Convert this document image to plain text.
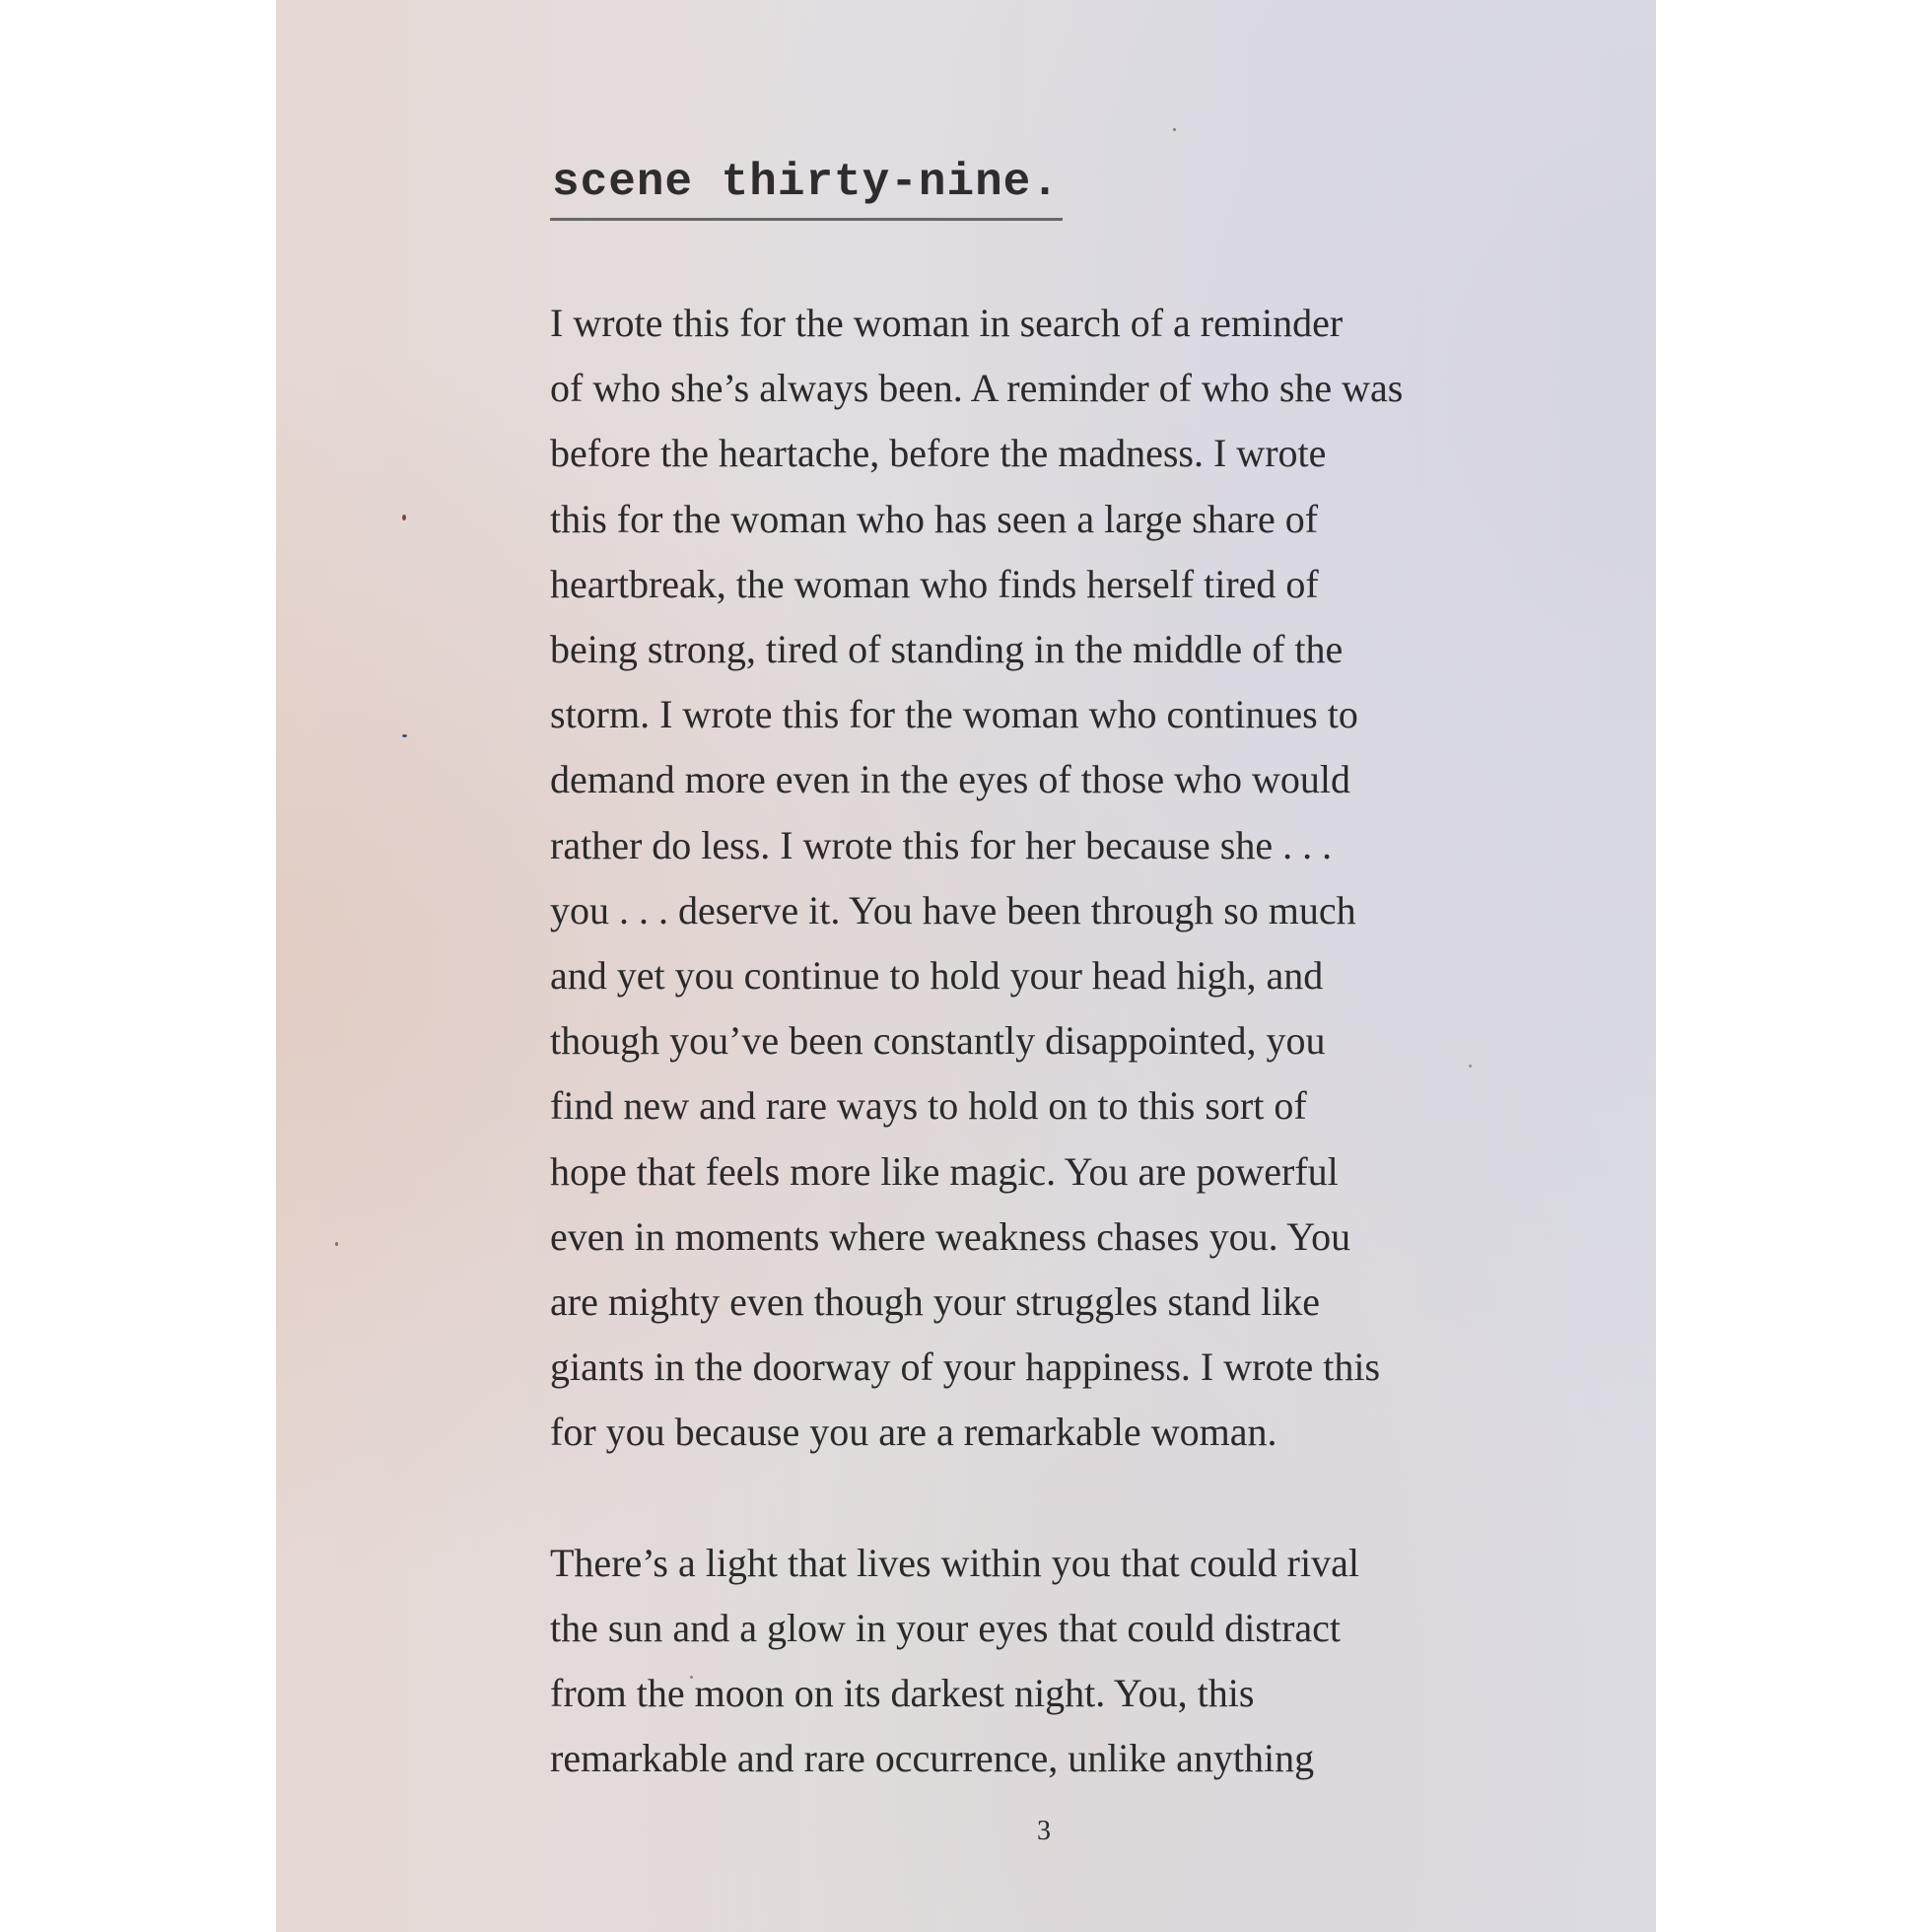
scene thirty-nine.
I wrote this for the woman in search of a reminder
of who she’s always been. A reminder of who she was
before the heartache, before the madness. I wrote
this for the woman who has seen a large share of
heartbreak, the woman who finds herself tired of
being strong, tired of standing in the middle of the
storm. I wrote this for the woman who continues to
demand more even in the eyes of those who would
rather do less. I wrote this for her because she . . .
you . . . deserve it. You have been through so much
and yet you continue to hold your head high, and
though you’ve been constantly disappointed, you
find new and rare ways to hold on to this sort of
hope that feels more like magic. You are powerful
even in moments where weakness chases you. You
are mighty even though your struggles stand like
giants in the doorway of your happiness. I wrote this
for you because you are a remarkable woman.
There’s a light that lives within you that could rival
the sun and a glow in your eyes that could distract
from the moon on its darkest night. You, this
remarkable and rare occurrence, unlike anything
3
